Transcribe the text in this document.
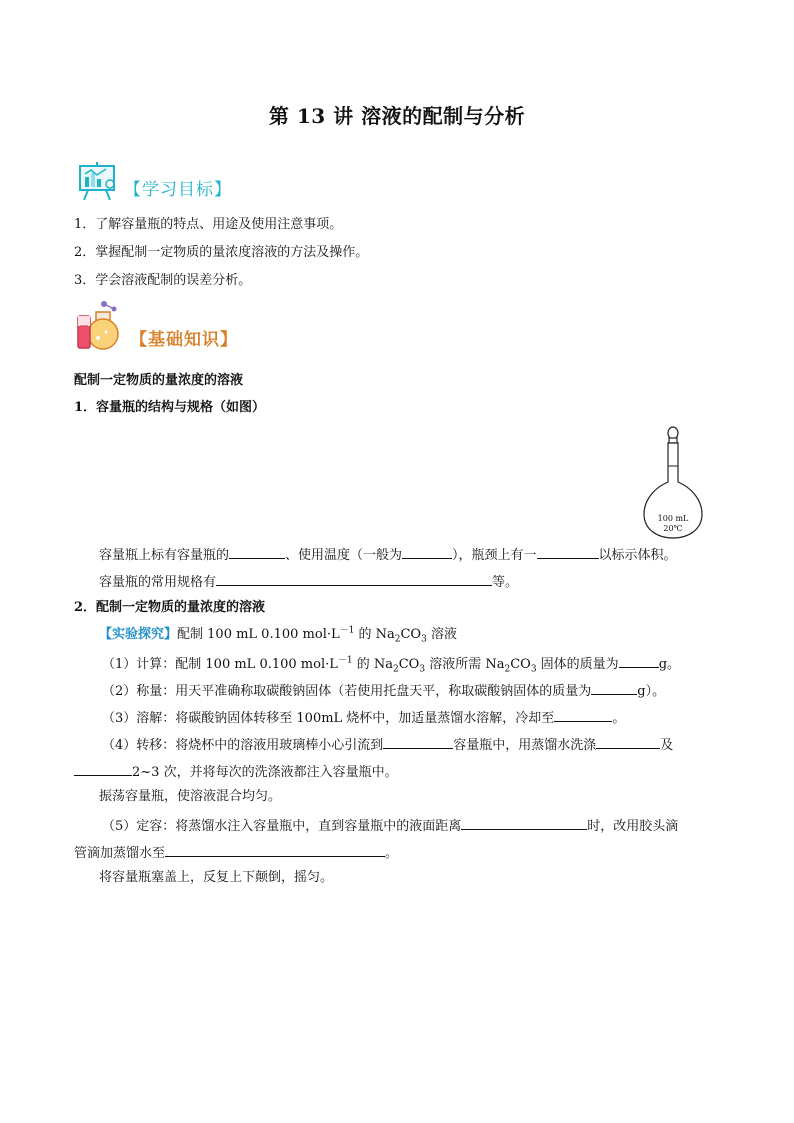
第 13 讲 溶液的配制与分析
【学习目标】
1．了解容量瓶的特点、用途及使用注意事项。
2．掌握配制一定物质的量浓度溶液的方法及操作。
3．学会溶液配制的误差分析。
【基础知识】
配制一定物质的量浓度的溶液
1．容量瓶的结构与规格（如图）
100 mL
20℃
容量瓶上标有容量瓶的	、使用温度（一般为	），瓶颈上有一	以标示体积。
容量瓶的常用规格有	等。
2．配制一定物质的量浓度的溶液
【实验探究】配制 100 mL 0.100 $mol\cdot L^{-1}$ 的 $Na_2CO_3$ 溶液
（1）计算：配制 100 mL 0.100 $mol\cdot L^{-1}$ 的 $Na_2CO_3$ 溶液所需 $Na_2CO_3$ 固体的质量为	g。
（2）称量：用天平准确称取碳酸钠固体（若使用托盘天平，称取碳酸钠固体的质量为	g）。
（3）溶解：将碳酸钠固体转移至 100mL 烧杯中，加适量蒸馏水溶解，冷却至	。
（4）转移：将烧杯中的溶液用玻璃棒小心引流到	容量瓶中，用蒸馏水洗涤	及
2~3 次，并将每次的洗涤液都注入容量瓶中。
振荡容量瓶，使溶液混合均匀。
（5）定容：将蒸馏水注入容量瓶中，直到容量瓶中的液面距离	时，改用胶头滴
管滴加蒸馏水至	。
将容量瓶塞盖上，反复上下颠倒，摇匀。
